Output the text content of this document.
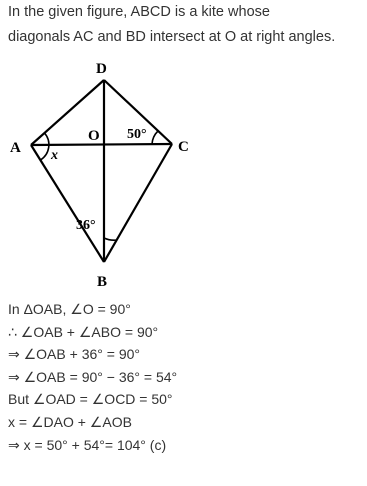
In the given figure, ABCD is a kite whose
diagonals AC and BD intersect at O at right angles.
D
A	C
B
O 50°
x
36°
In ΔOAB, ∠O = 90°
∴ ∠OAB + ∠ABO = 90°
⇒ ∠OAB + 36° = 90°
⇒ ∠OAB = 90° − 36° = 54°
But ∠OAD = ∠OCD = 50°
x = ∠DAO + ∠AOB
⇒ x = 50° + 54°= 104° (c)
